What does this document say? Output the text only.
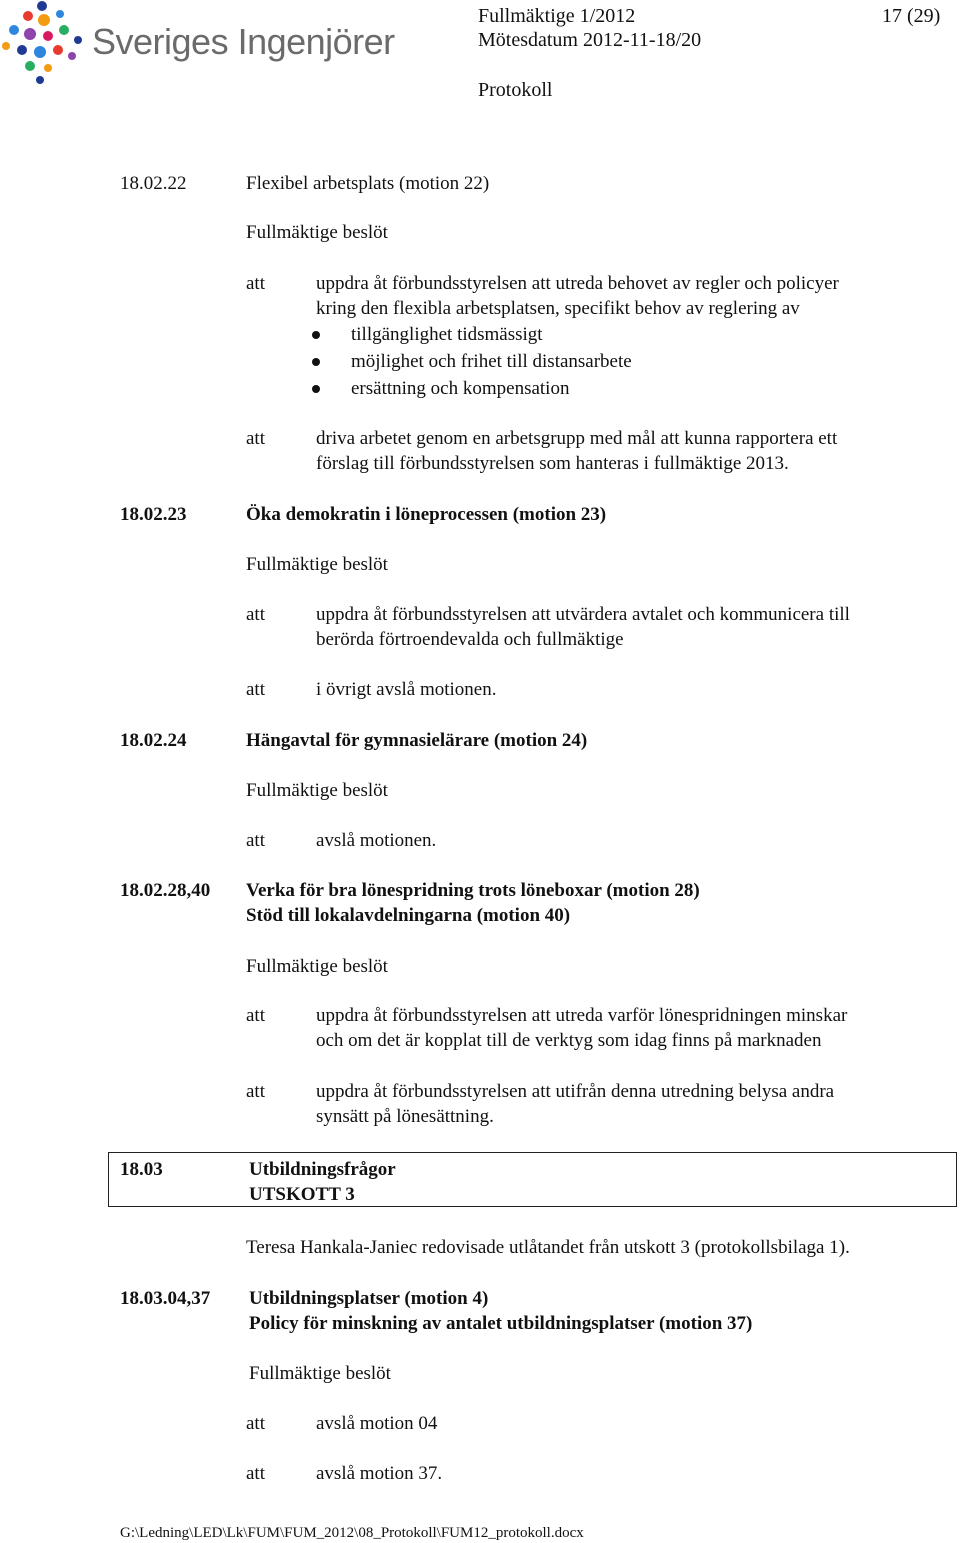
Sveriges Ingenjörer
Fullmäktige 1/2012	17 (29)
Mötesdatum 2012-11-18/20
Protokoll
18.02.22	Flexibel arbetsplats (motion 22)
Fullmäktige beslöt
att	uppdra åt förbundsstyrelsen att utreda behovet av regler och policyer
kring den flexibla arbetsplatsen, specifikt behov av reglering av
tillgänglighet tidsmässigt
möjlighet och frihet till distansarbete
ersättning och kompensation
att	driva arbetet genom en arbetsgrupp med mål att kunna rapportera ett
förslag till förbundsstyrelsen som hanteras i fullmäktige 2013.
18.02.23	Öka demokratin i löneprocessen (motion 23)
Fullmäktige beslöt
att	uppdra åt förbundsstyrelsen att utvärdera avtalet och kommunicera till
berörda förtroendevalda och fullmäktige
att	i övrigt avslå motionen.
18.02.24	Hängavtal för gymnasielärare (motion 24)
Fullmäktige beslöt
att	avslå motionen.
18.02.28,40 Verka för bra lönespridning trots löneboxar (motion 28)
Stöd till lokalavdelningarna (motion 40)
Fullmäktige beslöt
att	uppdra åt förbundsstyrelsen att utreda varför lönespridningen minskar
och om det är kopplat till de verktyg som idag finns på marknaden
att	uppdra åt förbundsstyrelsen att utifrån denna utredning belysa andra
synsätt på lönesättning.
18.03	Utbildningsfrågor
UTSKOTT 3
Teresa Hankala-Janiec redovisade utlåtandet från utskott 3 (protokollsbilaga 1).
18.03.04,37 Utbildningsplatser (motion 4)
Policy för minskning av antalet utbildningsplatser (motion 37)
Fullmäktige beslöt
att	avslå motion 04
att	avslå motion 37.
G:\Ledning\LED\Lk\FUM\FUM_2012\08_Protokoll\FUM12_protokoll.docx
